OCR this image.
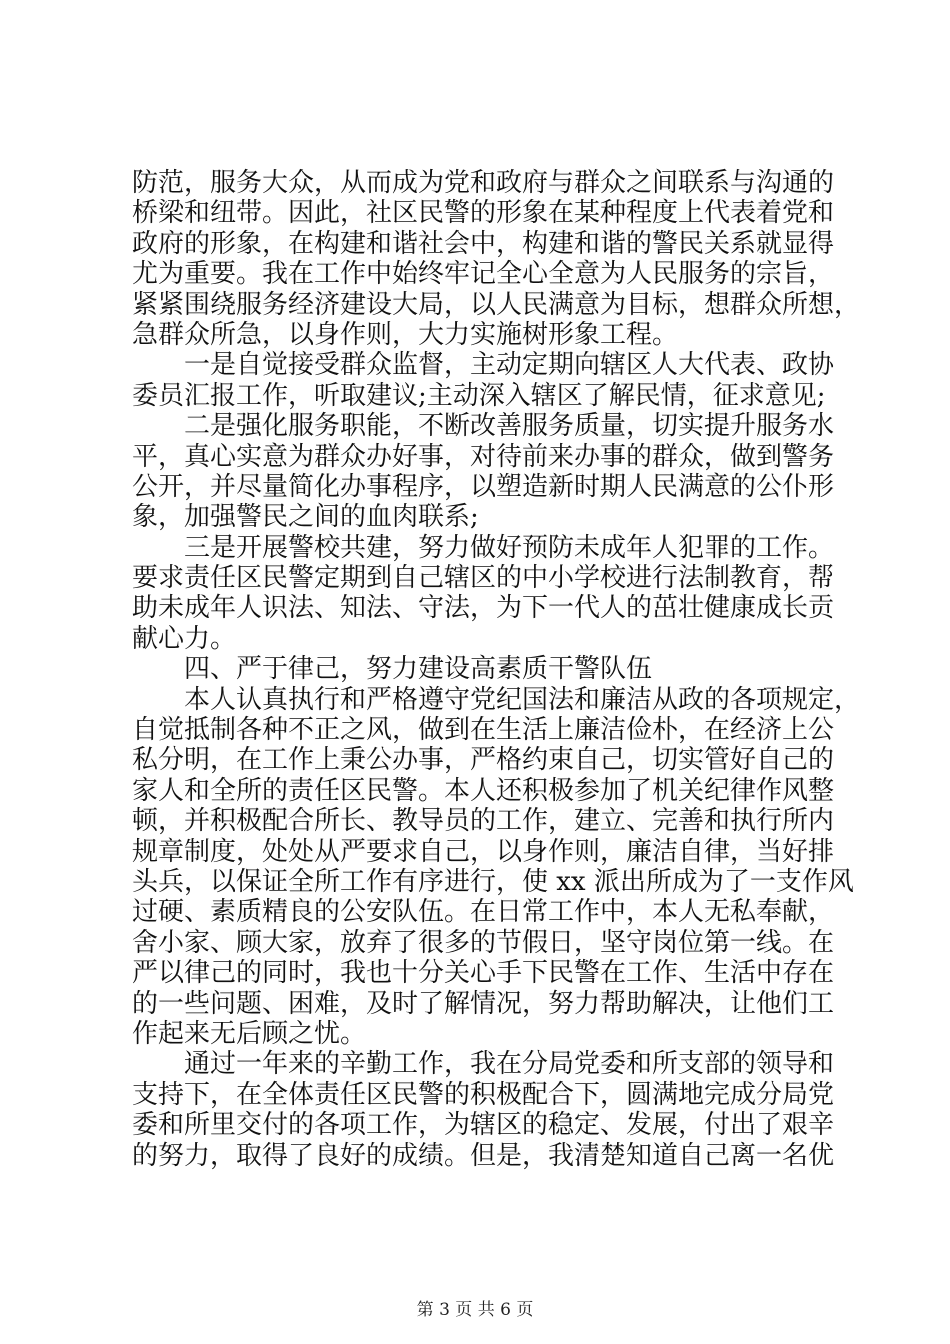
防范，服务大众，从而成为党和政府与群众之间联系与沟通的
桥梁和纽带。因此，社区民警的形象在某种程度上代表着党和
政府的形象，在构建和谐社会中，构建和谐的警民关系就显得
尤为重要。我在工作中始终牢记全心全意为人民服务的宗旨，
紧紧围绕服务经济建设大局，以人民满意为目标，想群众所想，
急群众所急，以身作则，大力实施树形象工程。
　　一是自觉接受群众监督，主动定期向辖区人大代表、政协
委员汇报工作，听取建议;主动深入辖区了解民情，征求意见;
　　二是强化服务职能，不断改善服务质量，切实提升服务水
平，真心实意为群众办好事，对待前来办事的群众，做到警务
公开，并尽量简化办事程序，以塑造新时期人民满意的公仆形
象，加强警民之间的血肉联系;
　　三是开展警校共建，努力做好预防未成年人犯罪的工作。
要求责任区民警定期到自己辖区的中小学校进行法制教育，帮
助未成年人识法、知法、守法，为下一代人的茁壮健康成长贡
献心力。
　　四、严于律己，努力建设高素质干警队伍
　　本人认真执行和严格遵守党纪国法和廉洁从政的各项规定，
自觉抵制各种不正之风，做到在生活上廉洁俭朴，在经济上公
私分明，在工作上秉公办事，严格约束自己，切实管好自己的
家人和全所的责任区民警。本人还积极参加了机关纪律作风整
顿，并积极配合所长、教导员的工作，建立、完善和执行所内
规章制度，处处从严要求自己，以身作则，廉洁自律，当好排
头兵，以保证全所工作有序进行，使 xx 派出所成为了一支作风
过硬、素质精良的公安队伍。在日常工作中，本人无私奉献，
舍小家、顾大家，放弃了很多的节假日，坚守岗位第一线。在
严以律己的同时，我也十分关心手下民警在工作、生活中存在
的一些问题、困难，及时了解情况，努力帮助解决，让他们工
作起来无后顾之忧。
　　通过一年来的辛勤工作，我在分局党委和所支部的领导和
支持下，在全体责任区民警的积极配合下，圆满地完成分局党
委和所里交付的各项工作，为辖区的稳定、发展，付出了艰辛
的努力，取得了良好的成绩。但是，我清楚知道自己离一名优
第 3 页 共 6 页
